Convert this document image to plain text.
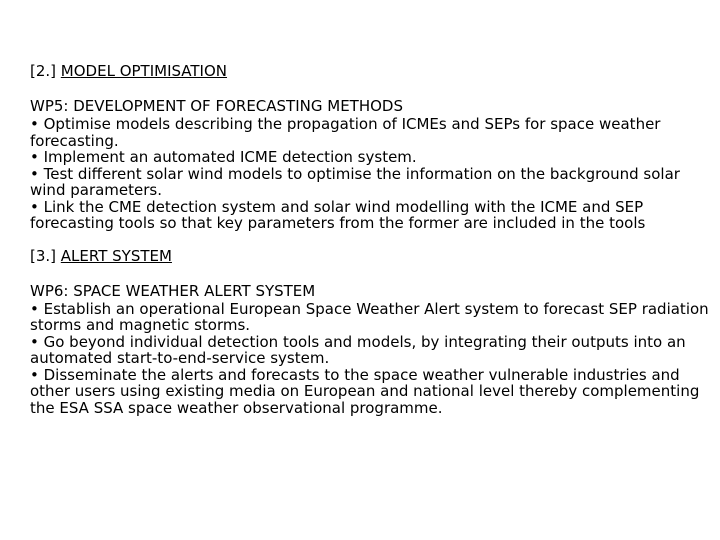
[2.] MODEL OPTIMISATION

WP5: DEVELOPMENT OF FORECASTING METHODS
• Optimise models describing the propagation of ICMEs and SEPs for space weather forecasting.
• Implement an automated ICME detection system.
• Test different solar wind models to optimise the information on the background solar wind parameters.
• Link the CME detection system and solar wind modelling with the ICME and SEP forecasting tools so that key parameters from the former are included in the tools

[3.] ALERT SYSTEM

WP6: SPACE WEATHER ALERT SYSTEM
• Establish an operational European Space Weather Alert system to forecast SEP radiation storms and magnetic storms.
• Go beyond individual detection tools and models, by integrating their outputs into an automated start-to-end-service system.
• Disseminate the alerts and forecasts to the space weather vulnerable industries and other users using existing media on European and national level thereby complementing the ESA SSA space weather observational programme.
